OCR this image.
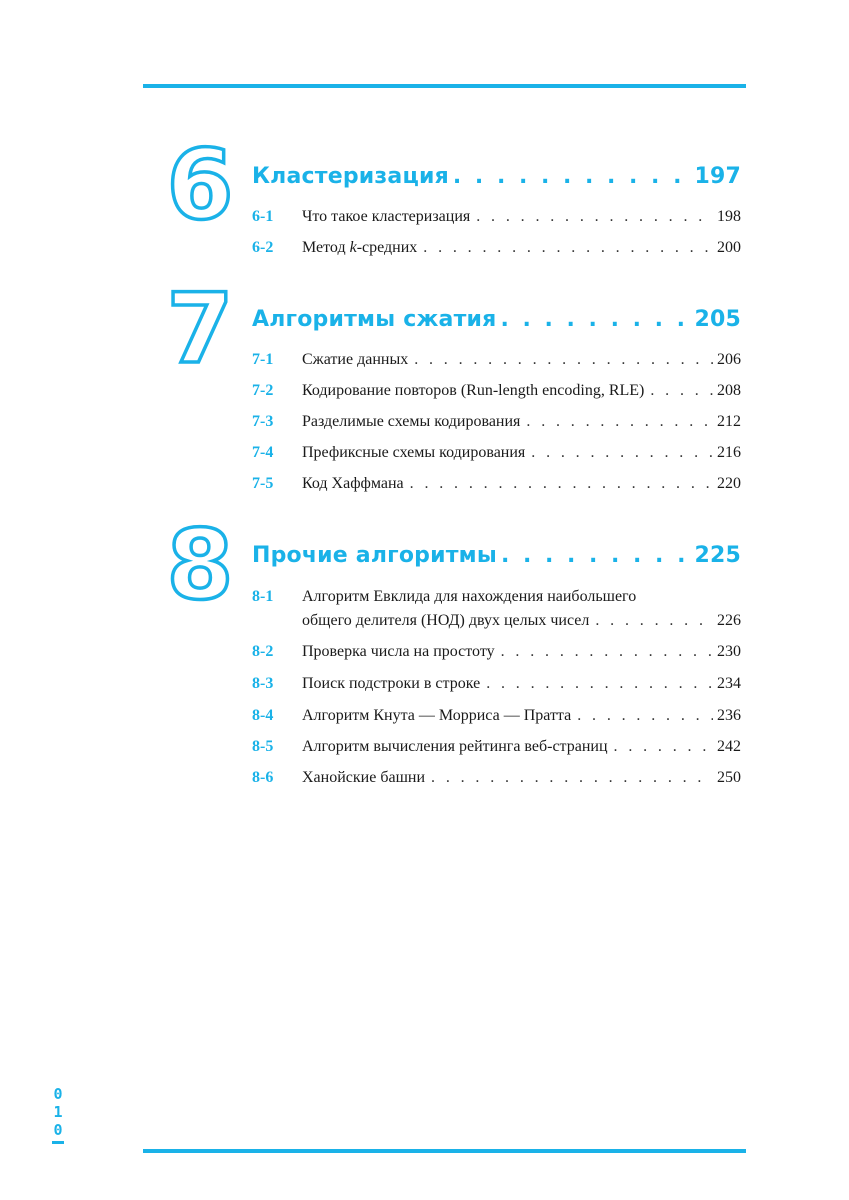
6 Кластеризация . . .	197
6-1 Что такое кластеризация . . .	198
6-2 Метод k-средних . . .	200
7 Алгоритмы сжатия . . .	205
7-1 Сжатие данных . . .	206
7-2 Кодирование повторов (Run-length encoding, RLE) . . .	208
7-3 Разделимые схемы кодирования . . .	212
7-4 Префиксные схемы кодирования . . .	216
7-5 Код Хаффмана . . .	220
8 Прочие алгоритмы . . .	225
8-1 Алгоритм Евклида для нахождения наибольшего
общего делителя (НОД) двух целых чисел . . .	226
8-2 Проверка числа на простоту . . .	230
8-3 Поиск подстроки в строке . . .	234
8-4 Алгоритм Кнута — Морриса — Пратта . . .	236
8-5 Алгоритм вычисления рейтинга веб-страниц . . .	242
8-6 Ханойские башни . . .	250
0
1
0
